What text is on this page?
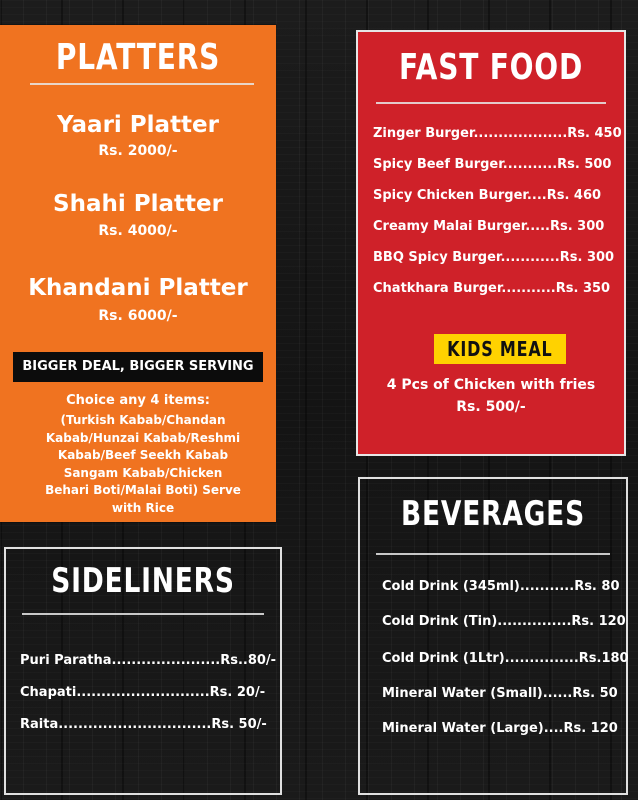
PLATTERS
Yaari Platter
Rs. 2000/-
Shahi Platter
Rs. 4000/-
Khandani Platter
Rs. 6000/-
BIGGER DEAL, BIGGER SERVING
Choice any 4 items:
(Turkish Kabab/Chandan Kabab/Hunzai Kabab/Reshmi Kabab/Beef Seekh Kabab Sangam Kabab/Chicken Behari Boti/Malai Boti) Serve with Rice
FAST FOOD
Zinger Burger...................Rs. 450
Spicy Beef Burger...........Rs. 500
Spicy Chicken Burger....Rs. 460
Creamy Malai Burger.....Rs. 300
BBQ Spicy Burger............Rs. 300
Chatkhara Burger...........Rs. 350
KIDS MEAL
4 Pcs of Chicken with fries
Rs. 500/-
SIDELINERS
Puri Paratha......................Rs..80/-
Chapati...........................Rs. 20/-
Raita...............................Rs. 50/-
BEVERAGES
Cold Drink (345ml)...........Rs. 80
Cold Drink (Tin)...............Rs. 120
Cold Drink (1Ltr)...............Rs.180
Mineral Water (Small)......Rs. 50
Mineral Water (Large)....Rs. 120
